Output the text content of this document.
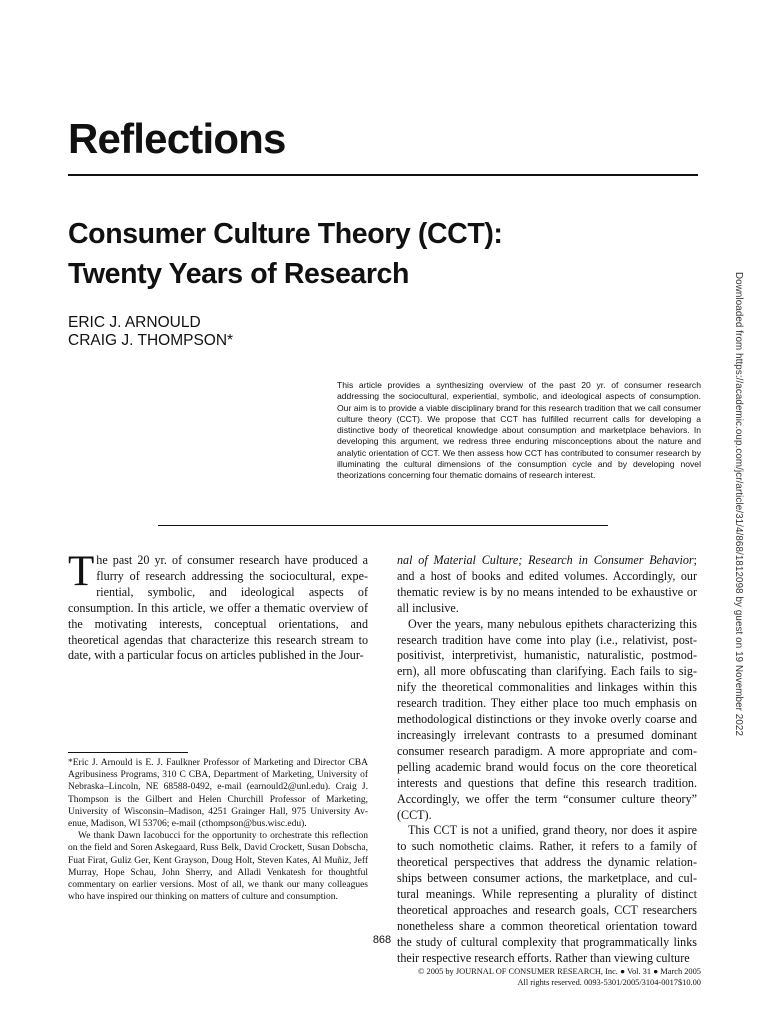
Reflections
Consumer Culture Theory (CCT):
Twenty Years of Research
ERIC J. ARNOULD
CRAIG J. THOMPSON*

This article provides a synthesizing overview of the past 20 yr. of consumer research addressing the sociocultural, experiential, symbolic, and ideological aspects of consumption. Our aim is to provide a viable disciplinary brand for this research tradition that we call consumer culture theory (CCT). We propose that CCT has fulfilled recurrent calls for developing a distinctive body of theoretical knowledge about consumption and marketplace behaviors. In developing this argument, we redress three enduring misconceptions about the nature and analytic orientation of CCT. We then assess how CCT has contributed to consumer research by illuminating the cultural dimensions of the consumption cycle and by developing novel theorizations concerning four thematic domains of research interest.

The past 20 yr. of consumer research have produced a flurry of research addressing the sociocultural, experiential, symbolic, and ideological aspects of consumption. In this article, we offer a thematic overview of the motivating interests, conceptual orientations, and theoretical agendas that characterize this research stream to date, with a particular focus on articles published in the Jour-

*Eric J. Arnould is E. J. Faulkner Professor of Marketing and Director CBA Agribusiness Programs, 310 C CBA, Department of Marketing, University of Nebraska–Lincoln, NE 68588-0492, e-mail (earnould2@unl.edu). Craig J. Thompson is the Gilbert and Helen Churchill Professor of Marketing, University of Wisconsin–Madison, 4251 Grainger Hall, 975 University Avenue, Madison, WI 53706; e-mail (cthompson@bus.wisc.edu).
We thank Dawn Iacobucci for the opportunity to orchestrate this reflection on the field and Soren Askegaard, Russ Belk, David Crockett, Susan Dobscha, Fuat Firat, Guliz Ger, Kent Grayson, Doug Holt, Steven Kates, Al Muñiz, Jeff Murray, Hope Schau, John Sherry, and Alladi Venkatesh for thoughtful commentary on earlier versions. Most of all, we thank our many colleagues who have inspired our thinking on matters of culture and consumption.

nal of Material Culture; Research in Consumer Behavior; and a host of books and edited volumes. Accordingly, our thematic review is by no means intended to be exhaustive or all inclusive.
Over the years, many nebulous epithets characterizing this research tradition have come into play (i.e., relativist, postpositivist, interpretivist, humanistic, naturalistic, postmodern), all more obfuscating than clarifying. Each fails to signify the theoretical commonalities and linkages within this research tradition. They either place too much emphasis on methodological distinctions or they invoke overly coarse and increasingly irrelevant contrasts to a presumed dominant consumer research paradigm. A more appropriate and compelling academic brand would focus on the core theoretical interests and questions that define this research tradition. Accordingly, we offer the term “consumer culture theory” (CCT).
This CCT is not a unified, grand theory, nor does it aspire to such nomothetic claims. Rather, it refers to a family of theoretical perspectives that address the dynamic relationships between consumer actions, the marketplace, and cultural meanings. While representing a plurality of distinct theoretical approaches and research goals, CCT researchers nonetheless share a common theoretical orientation toward the study of cultural complexity that programmatically links their respective research efforts. Rather than viewing culture

868
© 2005 by JOURNAL OF CONSUMER RESEARCH, Inc. ● Vol. 31 ● March 2005
All rights reserved. 0093-5301/2005/3104-0017$10.00
Downloaded from https://academic.oup.com/jcr/article/31/4/868/1812098 by guest on 19 November 2022
